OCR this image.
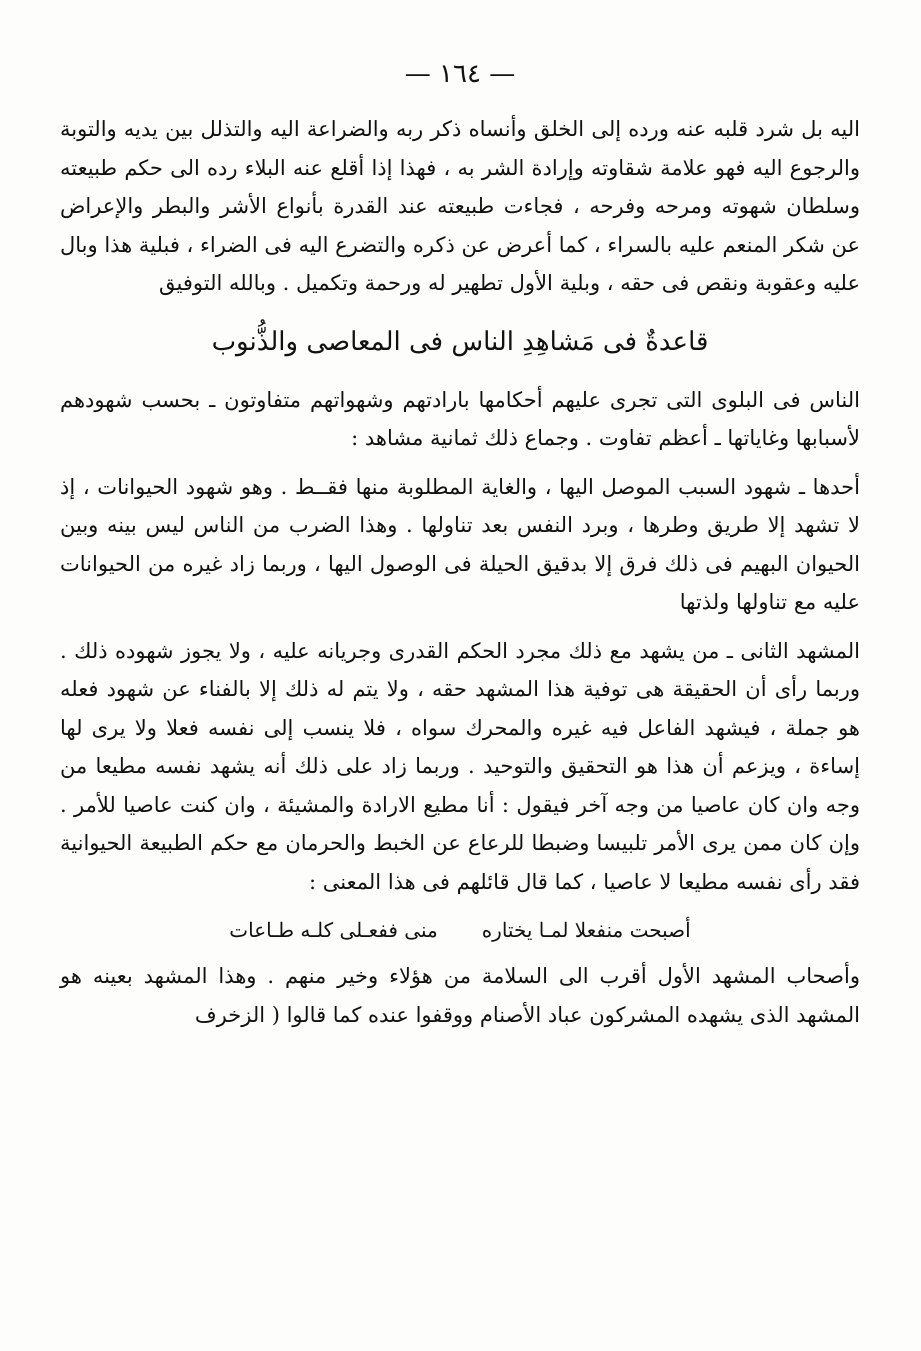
— ١٦٤ —

اليه بل شرد قلبه عنه ورده إلى الخلق وأنساه ذكر ربه والضراعة اليه والتذلل بين يديه والتوبة والرجوع اليه فهو علامة شقاوته وإرادة الشر به ، فهذا إذا أقلع عنه البلاء رده الى حكم طبيعته وسلطان شهوته ومرحه وفرحه ، فجاءت طبيعته عند القدرة بأنواع الأشر والبطر والإعراض عن شكر المنعم عليه بالسراء ، كما أعرض عن ذكره والتضرع اليه فى الضراء ، فبلية هذا وبال عليه وعقوبة ونقص فى حقه ، وبلية الأول تطهير له ورحمة وتكميل . وبالله التوفيق

قاعدةٌ فى مَشاهِدِ الناس فى المعاصى والذُّنوب

الناس فى البلوى التى تجرى عليهم أحكامها بارادتهم وشهواتهم متفاوتون ـ بحسب شهودهم لأسبابها وغاياتها ـ أعظم تفاوت . وجماع ذلك ثمانية مشاهد :

أحدها ـ شهود السبب الموصل اليها ، والغاية المطلوبة منها فقــط . وهو شهود الحيوانات ، إذ لا تشهد إلا طريق وطرها ، وبرد النفس بعد تناولها . وهذا الضرب من الناس ليس بينه وبين الحيوان البهيم فى ذلك فرق إلا بدقيق الحيلة فى الوصول اليها ، وربما زاد غيره من الحيوانات عليه مع تناولها ولذتها

المشهد الثانى ـ من يشهد مع ذلك مجرد الحكم القدرى وجريانه عليه ، ولا يجوز شهوده ذلك . وربما رأى أن الحقيقة هى توفية هذا المشهد حقه ، ولا يتم له ذلك إلا بالفناء عن شهود فعله هو جملة ، فيشهد الفاعل فيه غيره والمحرك سواه ، فلا ينسب إلى نفسه فعلا ولا يرى لها إساءة ، ويزعم أن هذا هو التحقيق والتوحيد . وربما زاد على ذلك أنه يشهد نفسه مطيعا من وجه وان كان عاصيا من وجه آخر فيقول : أنا مطيع الارادة والمشيئة ، وان كنت عاصيا للأمر . وإن كان ممن يرى الأمر تلبيسا وضبطا للرعاع عن الخبط والحرمان مع حكم الطبيعة الحيوانية فقد رأى نفسه مطيعا لا عاصيا ، كما قال قائلهم فى هذا المعنى :

أصبحت منفعلا لمـا يختارهمنى ففعـلى كلـه طـاعات

وأصحاب المشهد الأول أقرب الى السلامة من هؤلاء وخير منهم . وهذا المشهد بعينه هو المشهد الذى يشهده المشركون عباد الأصنام ووقفوا عنده كما قالوا ( الزخرف
